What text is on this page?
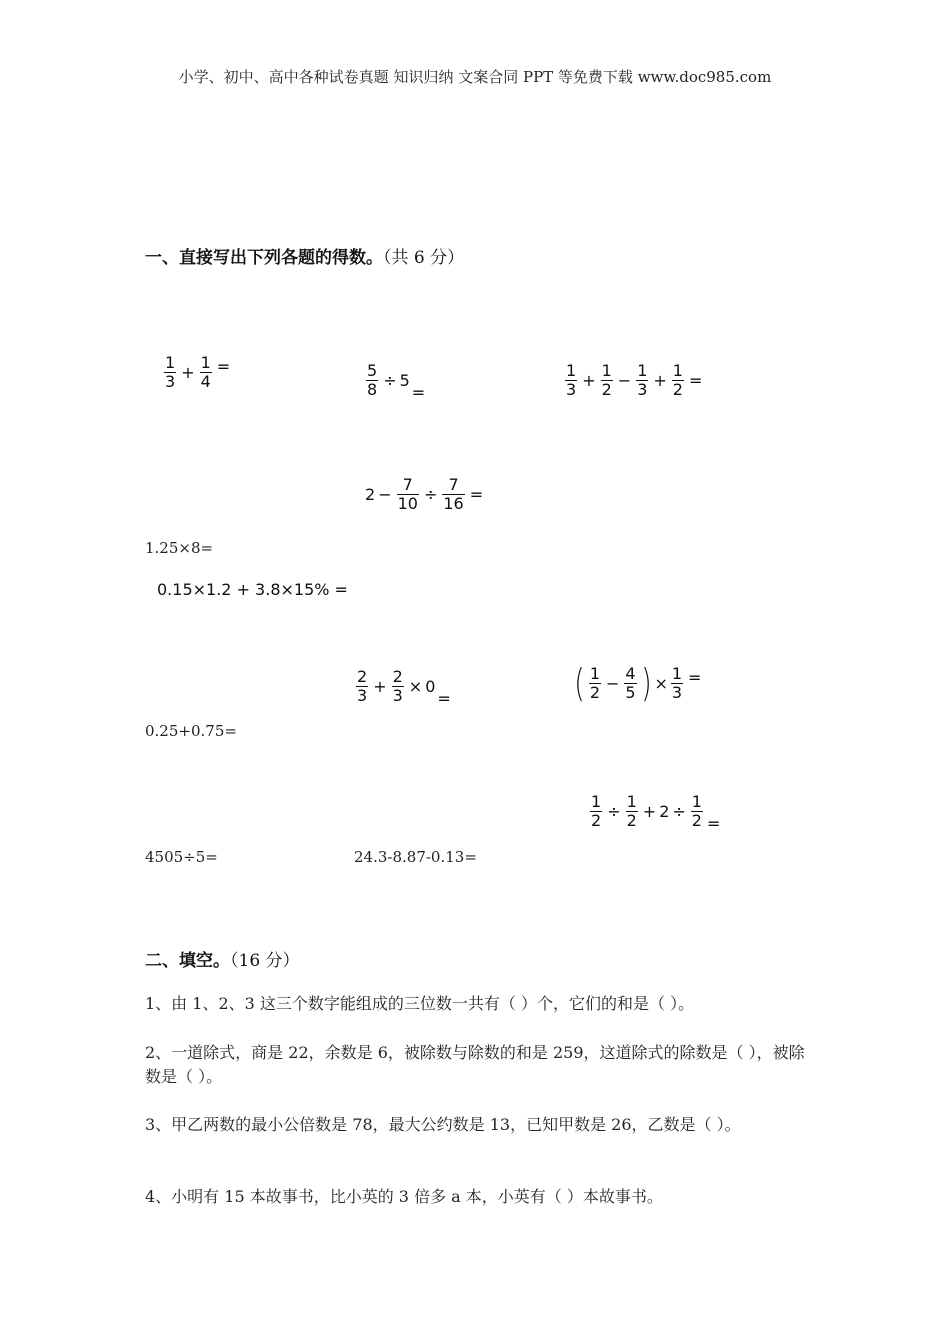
小学、初中、高中各种试卷真题 知识归纳 文案合同 PPT 等免费下载 www.doc985.com
一、直接写出下列各题的得数。（共 6 分）
$\frac{1}{3} + \frac{1}{4}$ =	$\frac{5}{8} \div 5$
=	$\frac{1}{3} + \frac{1}{2} - \frac{1}{3} + \frac{1}{2}$ =
$2 - \frac{7}{10} \div \frac{7}{16}$ =
1.25×8=
0.15×1.2 + 3.8×15% =
$\frac{2}{3} + \frac{2}{3} \times 0$
=	( $\frac{1}{2} - \frac{4}{5}$ ) × $\frac{1}{3}$ =
0.25+0.75=
$\frac{1}{2} \div \frac{1}{2} + 2 \div \frac{1}{2}$ =
4505÷5=	24.3-8.87-0.13=
二、填空。（16 分）
1、由 1、2、3 这三个数字能组成的三位数一共有（ ）个，它们的和是（ ）。
2、一道除式，商是 22，余数是 6，被除数与除数的和是 259，这道除式的除数是（ ），被除数是（ ）。
3、甲乙两数的最小公倍数是 78，最大公约数是 13，已知甲数是 26，乙数是（ ）。
4、小明有 15 本故事书，比小英的 3 倍多 a 本，小英有（ ）本故事书。
